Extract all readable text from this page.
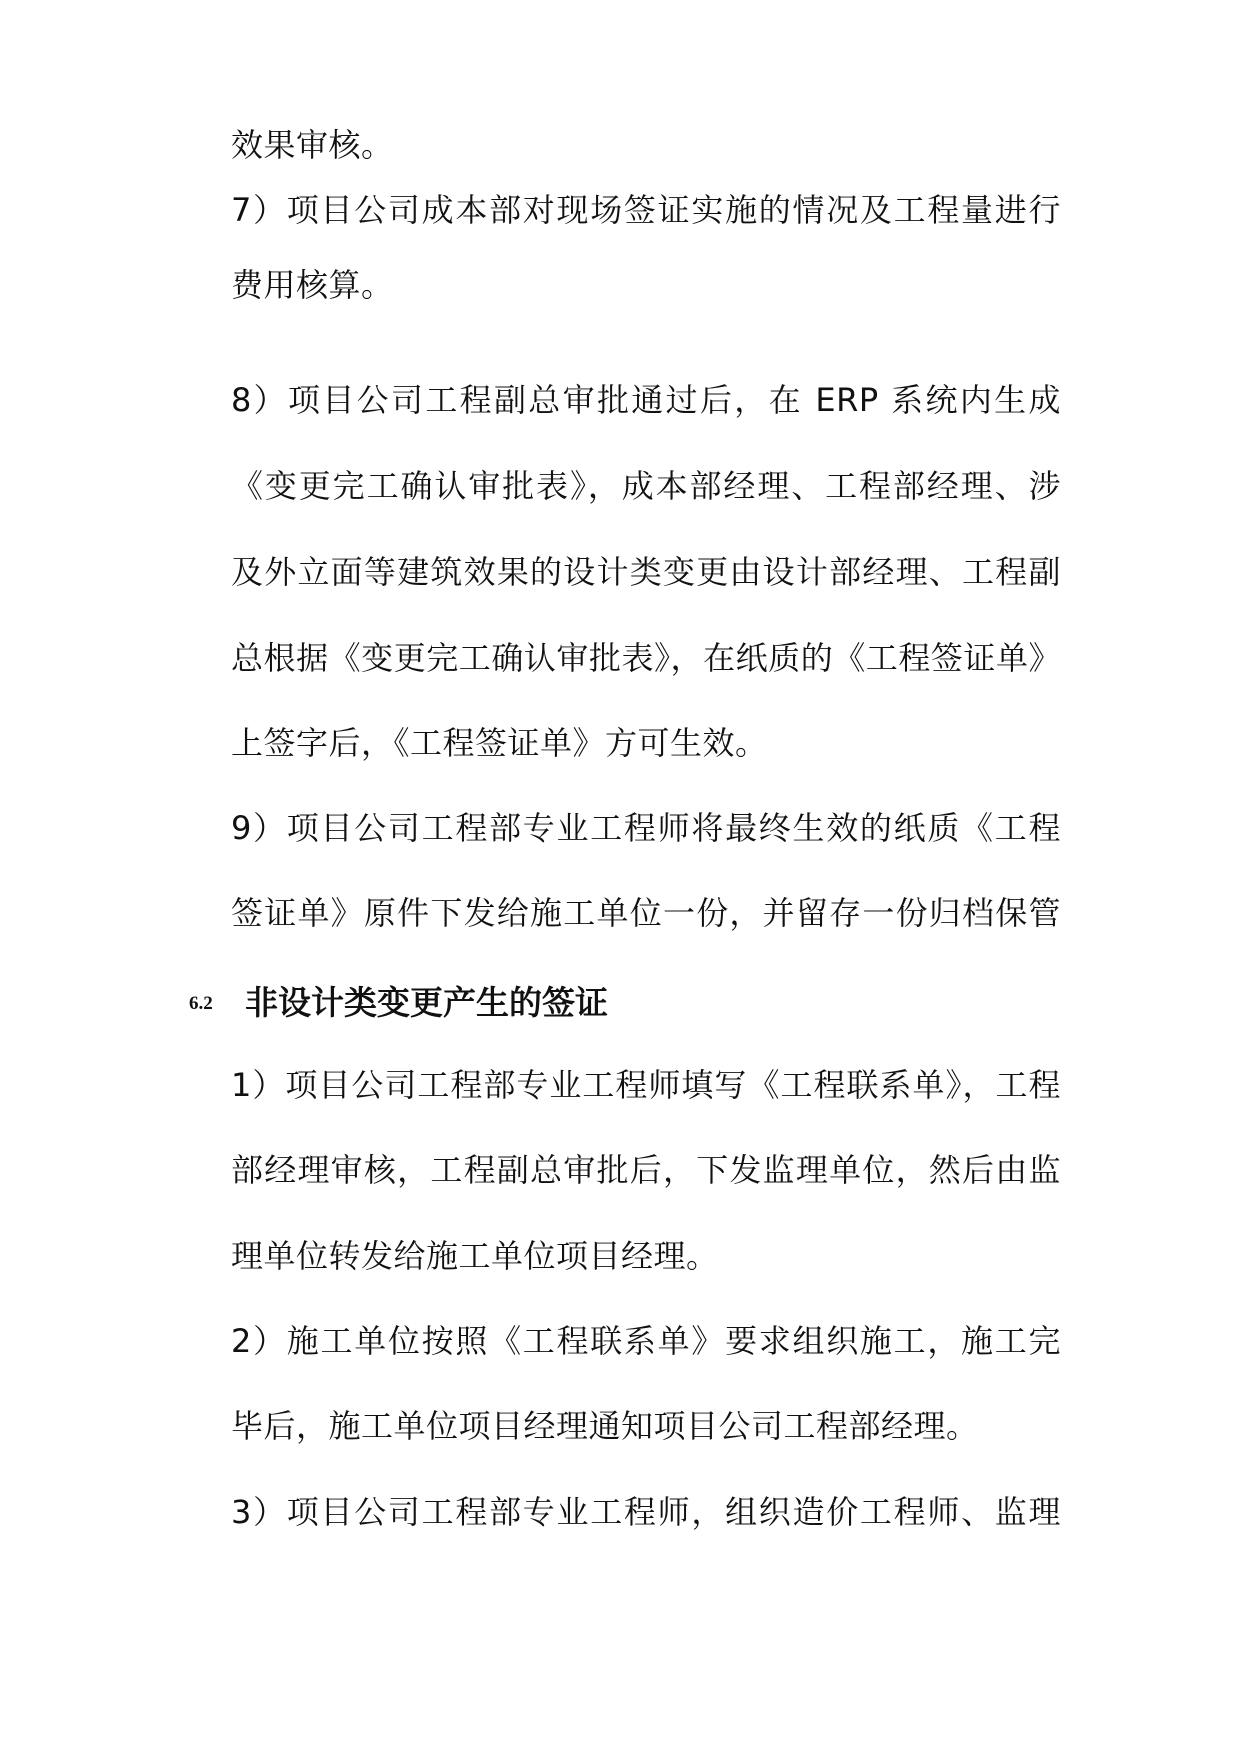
效果审核。
7）项目公司成本部对现场签证实施的情况及工程量进行
费用核算。
8）项目公司工程副总审批通过后，在 ERP 系统内生成
《变更完工确认审批表》，成本部经理、工程部经理、涉
及外立面等建筑效果的设计类变更由设计部经理、工程副
总根据《变更完工确认审批表》，在纸质的《工程签证单》
上签字后，《工程签证单》方可生效。
9）项目公司工程部专业工程师将最终生效的纸质《工程
签证单》原件下发给施工单位一份，并留存一份归档保管
6.2 非设计类变更产生的签证
1）项目公司工程部专业工程师填写《工程联系单》，工程
部经理审核，工程副总审批后，下发监理单位，然后由监
理单位转发给施工单位项目经理。
2）施工单位按照《工程联系单》要求组织施工，施工完
毕后，施工单位项目经理通知项目公司工程部经理。
3）项目公司工程部专业工程师，组织造价工程师、监理
